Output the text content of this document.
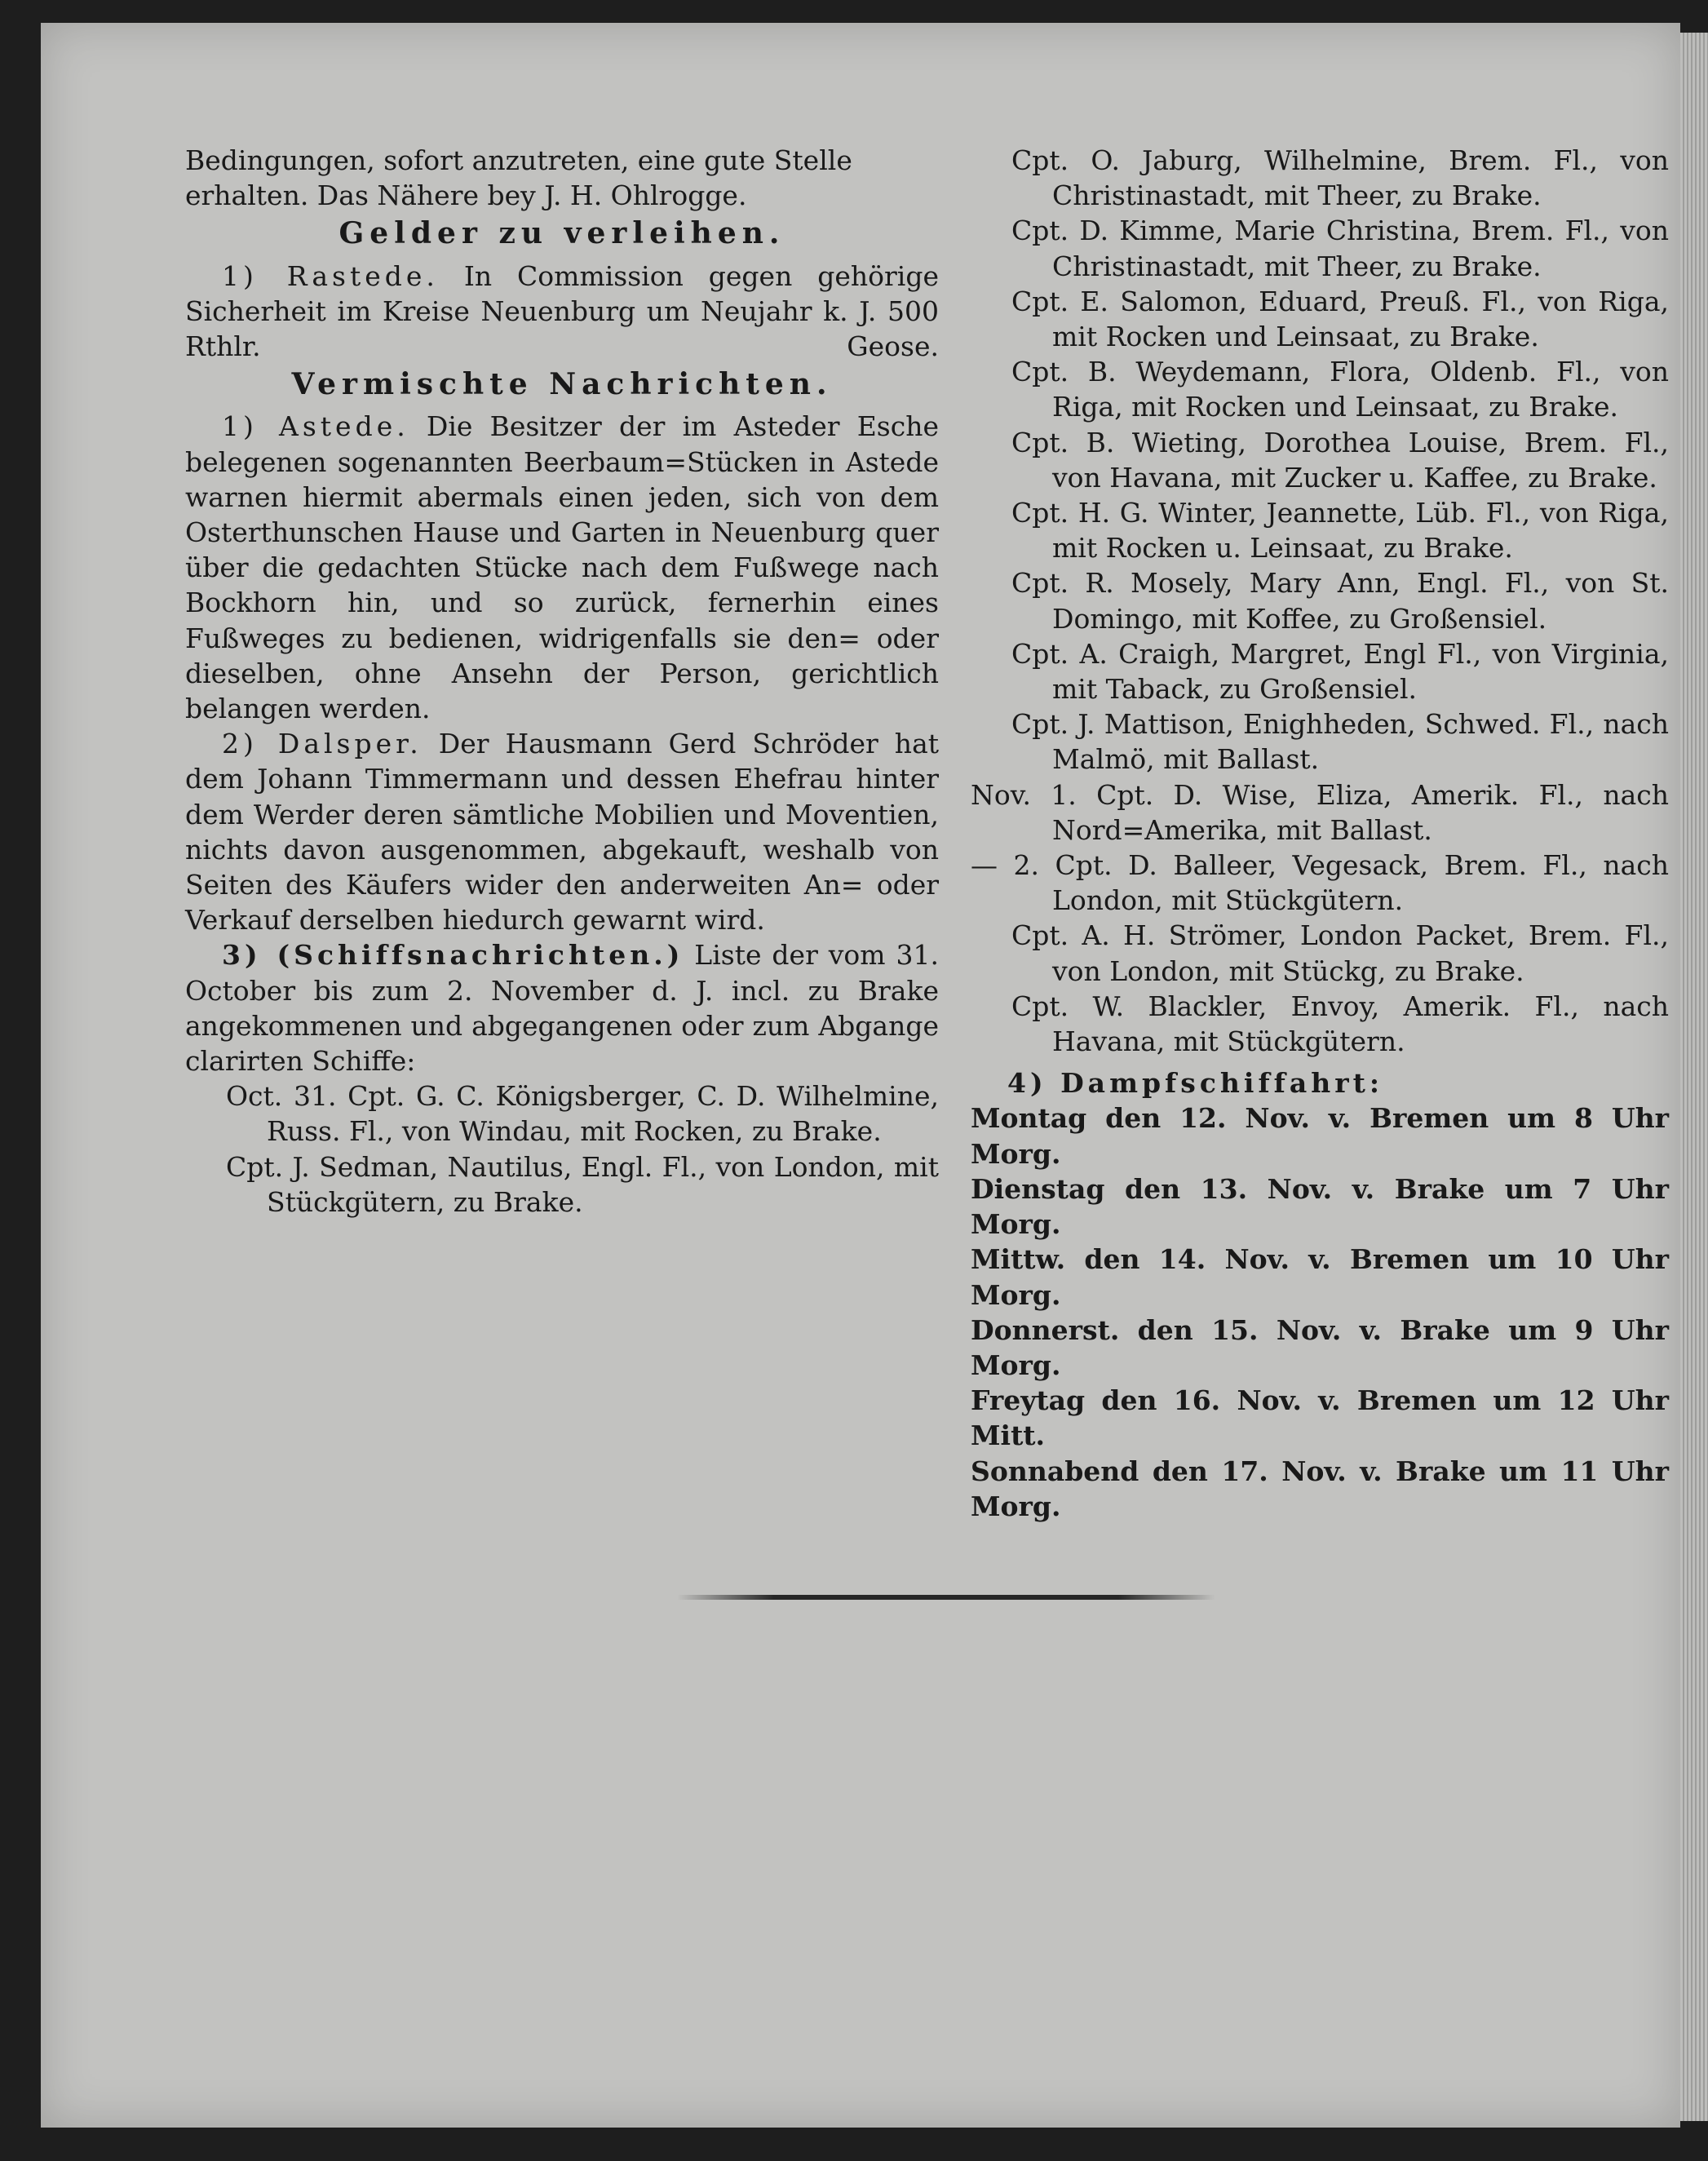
Bedingungen, sofort anzutreten, eine gute Stelle

erhalten. Das Nähere bey J. H. Ohlrogge.

Gelder zu verleihen.

1) Rastede. In Commission gegen gehörige Sicherheit im Kreise Neuenburg um Neujahr k. J. 500 Rthlr.	Geose.

Vermischte Nachrichten.

1) Astede. Die Besitzer der im Asteder Esche belegenen sogenannten Beerbaum=Stücken in Astede warnen hiermit abermals einen jeden, sich von dem Osterthunschen Hause und Garten in Neuenburg quer über die gedachten Stücke nach dem Fußwege nach Bockhorn hin, und so zurück, fernerhin eines Fußweges zu bedienen, widrigenfalls sie den= oder dieselben, ohne Ansehn der Person, gerichtlich belangen werden.

2) Dalsper. Der Hausmann Gerd Schröder hat dem Johann Timmermann und dessen Ehefrau hinter dem Werder deren sämtliche Mobilien und Moventien, nichts davon ausgenommen, abgekauft, weshalb von Seiten des Käufers wider den anderweiten An= oder Verkauf derselben hiedurch gewarnt wird.

3) (Schiffsnachrichten.) Liste der vom 31. October bis zum 2. November d. J. incl. zu Brake angekommenen und abgegangenen oder zum Abgange clarirten Schiffe:

Oct. 31. Cpt. G. C. Königsberger, C. D. Wilhelmine, Russ. Fl., von Windau, mit Rocken, zu Brake.

Cpt. J. Sedman, Nautilus, Engl. Fl., von London, mit Stückgütern, zu Brake.

Cpt. O. Jaburg, Wilhelmine, Brem. Fl., von Christinastadt, mit Theer, zu Brake.

Cpt. D. Kimme, Marie Christina, Brem. Fl., von Christinastadt, mit Theer, zu Brake.

Cpt. E. Salomon, Eduard, Preuß. Fl., von Riga, mit Rocken und Leinsaat, zu Brake.

Cpt. B. Weydemann, Flora, Oldenb. Fl., von Riga, mit Rocken und Leinsaat, zu Brake.

Cpt. B. Wieting, Dorothea Louise, Brem. Fl., von Havana, mit Zucker u. Kaffee, zu Brake.

Cpt. H. G. Winter, Jeannette, Lüb. Fl., von Riga, mit Rocken u. Leinsaat, zu Brake.

Cpt. R. Mosely, Mary Ann, Engl. Fl., von St. Domingo, mit Koffee, zu Großensiel.

Cpt. A. Craigh, Margret, Engl Fl., von Virginia, mit Taback, zu Großensiel.

Cpt. J. Mattison, Enighheden, Schwed. Fl., nach Malmö, mit Ballast.

Nov. 1. Cpt. D. Wise, Eliza, Amerik. Fl., nach Nord=Amerika, mit Ballast.

— 2. Cpt. D. Balleer, Vegesack, Brem. Fl., nach London, mit Stückgütern.

Cpt. A. H. Strömer, London Packet, Brem. Fl., von London, mit Stückg, zu Brake.

Cpt. W. Blackler, Envoy, Amerik. Fl., nach Havana, mit Stückgütern.

4) Dampfschiffahrt:

Montag den 12. Nov. v. Bremen um 8 Uhr Morg.

Dienstag den 13. Nov. v. Brake um 7 Uhr Morg.

Mittw. den 14. Nov. v. Bremen um 10 Uhr Morg.

Donnerst. den 15. Nov. v. Brake um 9 Uhr Morg.

Freytag den 16. Nov. v. Bremen um 12 Uhr Mitt.

Sonnabend den 17. Nov. v. Brake um 11 Uhr Morg.
